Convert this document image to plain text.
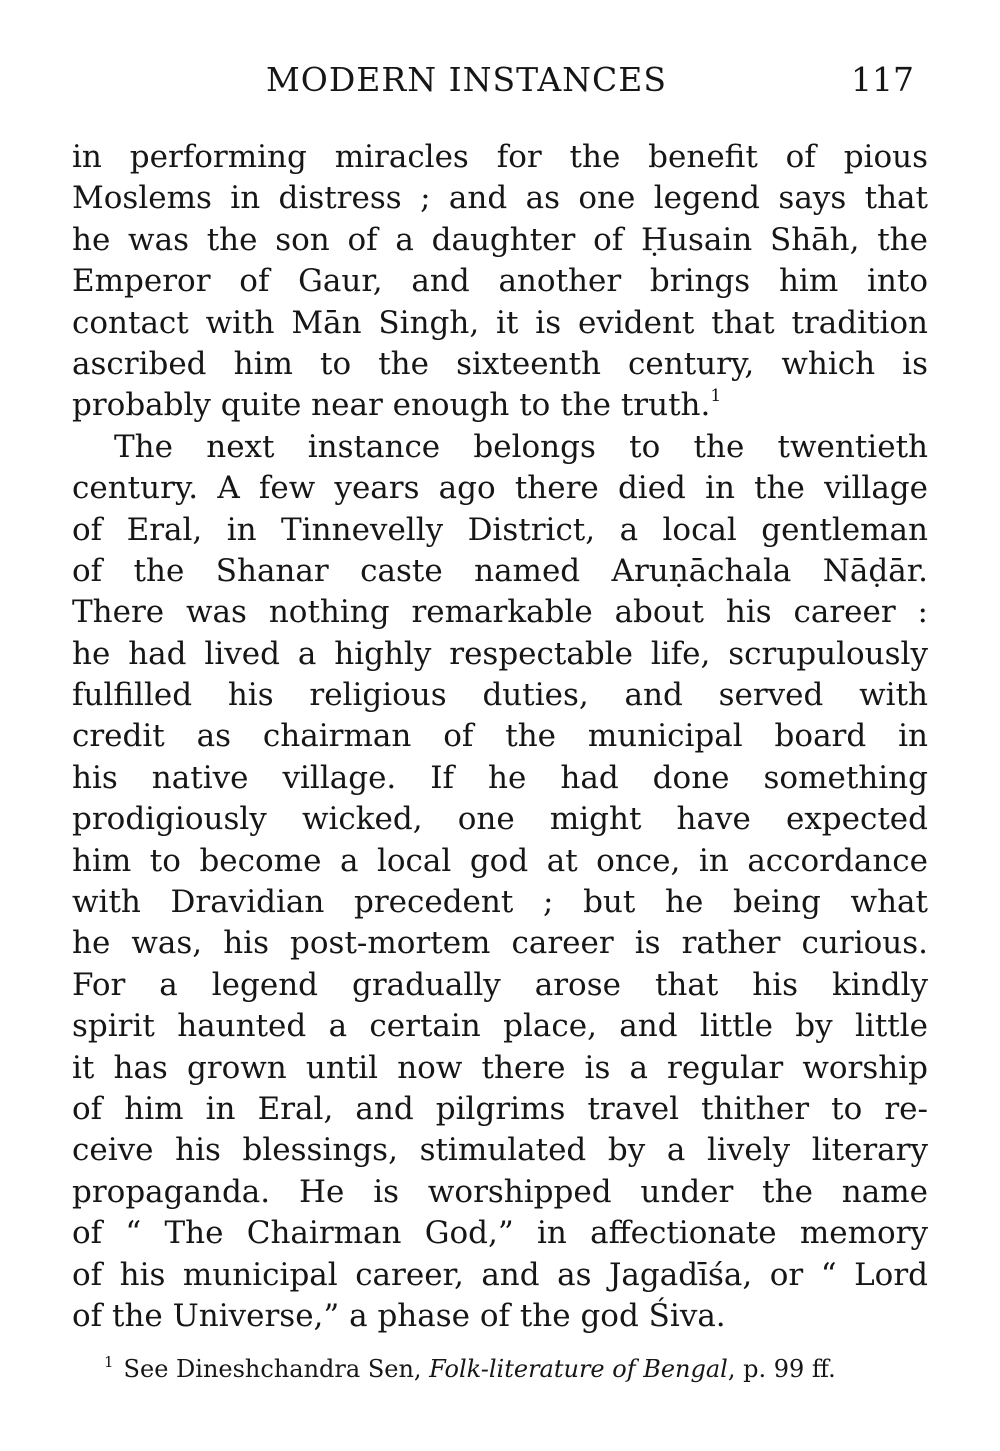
MODERN INSTANCES	117
in performing miracles for the benefit of pious
Moslems in distress ; and as one legend says that
he was the son of a daughter of Ḥusain Shāh, the
Emperor of Gaur, and another brings him into
contact with Mān Singh, it is evident that tradition
ascribed him to the sixteenth century, which is
probably quite near enough to the truth.$^1$
The next instance belongs to the twentieth
century. A few years ago there died in the village
of Eral, in Tinnevelly District, a local gentleman
of the Shanar caste named Aruṇāchala Nāḍār.
There was nothing remarkable about his career :
he had lived a highly respectable life, scrupulously
fulfilled his religious duties, and served with
credit as chairman of the municipal board in
his native village. If he had done something
prodigiously wicked, one might have expected
him to become a local god at once, in accordance
with Dravidian precedent ; but he being what
he was, his post-mortem career is rather curious.
For a legend gradually arose that his kindly
spirit haunted a certain place, and little by little
it has grown until now there is a regular worship
of him in Eral, and pilgrims travel thither to re-
ceive his blessings, stimulated by a lively literary
propaganda. He is worshipped under the name
of “ The Chairman God,” in affectionate memory
of his municipal career, and as Jagadīśa, or “ Lord
of the Universe,” a phase of the god Śiva.
$^1$ See Dineshchandra Sen, Folk-literature of Bengal, p. 99 ff.
